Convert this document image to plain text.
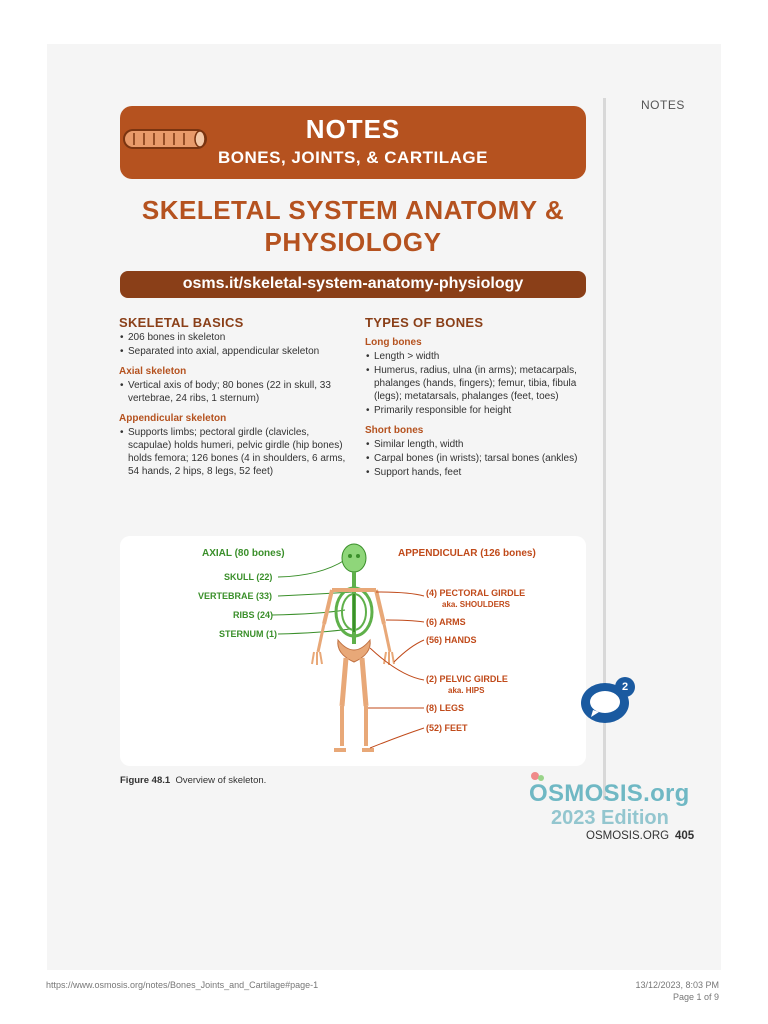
NOTES
NOTES
BONES, JOINTS, & CARTILAGE
SKELETAL SYSTEM ANATOMY &
PHYSIOLOGY
osms.it/skeletal-system-anatomy-physiology
SKELETAL BASICS
• 206 bones in skeleton
• Separated into axial, appendicular skeleton
Axial skeleton
• Vertical axis of body; 80 bones (22 in skull, 33 vertebrae, 24 ribs, 1 sternum)
Appendicular skeleton
• Supports limbs; pectoral girdle (clavicles, scapulae) holds humeri, pelvic girdle (hip bones) holds femora; 126 bones (4 in shoulders, 6 arms, 54 hands, 2 hips, 8 legs, 52 feet)
TYPES OF BONES
Long bones
• Length > width
• Humerus, radius, ulna (in arms); metacarpals, phalanges (hands, fingers); femur, tibia, fibula (legs); metatarsals, phalanges (feet, toes)
• Primarily responsible for height
Short bones
• Similar length, width
• Carpal bones (in wrists); tarsal bones (ankles)
• Support hands, feet
AXIAL (80 bones)	APPENDICULAR (126 bones)
SKULL (22)
VERTEBRAE (33)
RIBS (24)
STERNUM (1)
(4) PECTORAL GIRDLE
aka. SHOULDERS
(6) ARMS
(56) HANDS
(2) PELVIC GIRDLE
aka. HIPS
(8) LEGS
(52) FEET
Figure 48.1 Overview of skeleton.
2
OSMOSIS.org
2023 Edition
OSMOSIS.ORG 405
https://www.osmosis.org/notes/Bones_Joints_and_Cartilage#page-1	13/12/2023, 8:03 PM
Page 1 of 9
